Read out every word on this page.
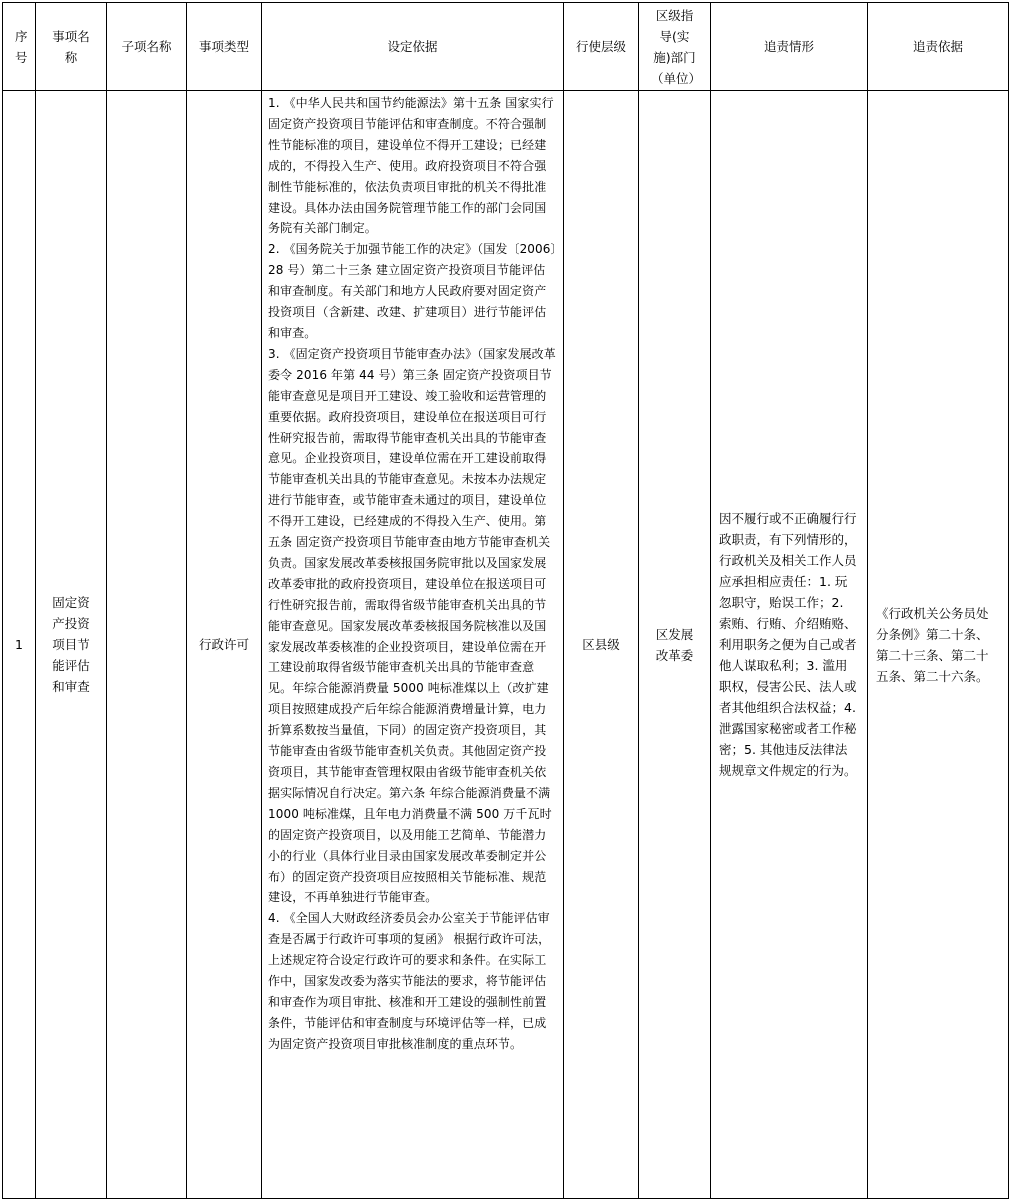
序号	事项名称	子项名称	事项类型	设定依据	行使层级	区级指导(实施)部门（单位）	追责情形	追责依据
1	固定资产投资项目节能评估和审查		行政许可	1. 《中华人民共和国节约能源法》第十五条 国家实行固定资产投资项目节能评估和审查制度。不符合强制性节能标准的项目，建设单位不得开工建设；已经建成的，不得投入生产、使用。政府投资项目不符合强制性节能标准的，依法负责项目审批的机关不得批准建设。具体办法由国务院管理节能工作的部门会同国务院有关部门制定。

2. 《国务院关于加强节能工作的决定》（国发〔2006〕28 号）第二十三条 建立固定资产投资项目节能评估和审查制度。有关部门和地方人民政府要对固定资产投资项目（含新建、改建、扩建项目）进行节能评估和审查。

3. 《固定资产投资项目节能审查办法》（国家发展改革委令 2016 年第 44 号）第三条 固定资产投资项目节能审查意见是项目开工建设、竣工验收和运营管理的重要依据。政府投资项目，建设单位在报送项目可行性研究报告前，需取得节能审查机关出具的节能审查意见。企业投资项目，建设单位需在开工建设前取得节能审查机关出具的节能审查意见。未按本办法规定进行节能审查，或节能审查未通过的项目，建设单位不得开工建设，已经建成的不得投入生产、使用。第五条 固定资产投资项目节能审查由地方节能审查机关负责。国家发展改革委核报国务院审批以及国家发展改革委审批的政府投资项目，建设单位在报送项目可行性研究报告前，需取得省级节能审查机关出具的节能审查意见。国家发展改革委核报国务院核准以及国家发展改革委核准的企业投资项目，建设单位需在开工建设前取得省级节能审查机关出具的节能审查意见。年综合能源消费量 5000 吨标准煤以上（改扩建项目按照建成投产后年综合能源消费增量计算，电力折算系数按当量值，下同）的固定资产投资项目，其节能审查由省级节能审查机关负责。其他固定资产投资项目，其节能审查管理权限由省级节能审查机关依据实际情况自行决定。第六条 年综合能源消费量不满 1000 吨标准煤，且年电力消费量不满 500 万千瓦时的固定资产投资项目，以及用能工艺简单、节能潜力小的行业（具体行业目录由国家发展改革委制定并公布）的固定资产投资项目应按照相关节能标准、规范建设，不再单独进行节能审查。

4. 《全国人大财政经济委员会办公室关于节能评估审查是否属于行政许可事项的复函》 根据行政许可法，上述规定符合设定行政许可的要求和条件。在实际工作中，国家发改委为落实节能法的要求，将节能评估和审查作为项目审批、核准和开工建设的强制性前置条件，节能评估和审查制度与环境评估等一样，已成为固定资产投资项目审批核准制度的重点环节。	区县级	区发展改革委	因不履行或不正确履行行政职责，有下列情形的，行政机关及相关工作人员应承担相应责任：1. 玩忽职守，贻误工作；2. 索贿、行贿、介绍贿赂、利用职务之便为自己或者他人谋取私利；3. 滥用职权，侵害公民、法人或者其他组织合法权益；4. 泄露国家秘密或者工作秘密；5. 其他违反法律法规规章文件规定的行为。	《行政机关公务员处分条例》第二十条、第二十三条、第二十五条、第二十六条。
